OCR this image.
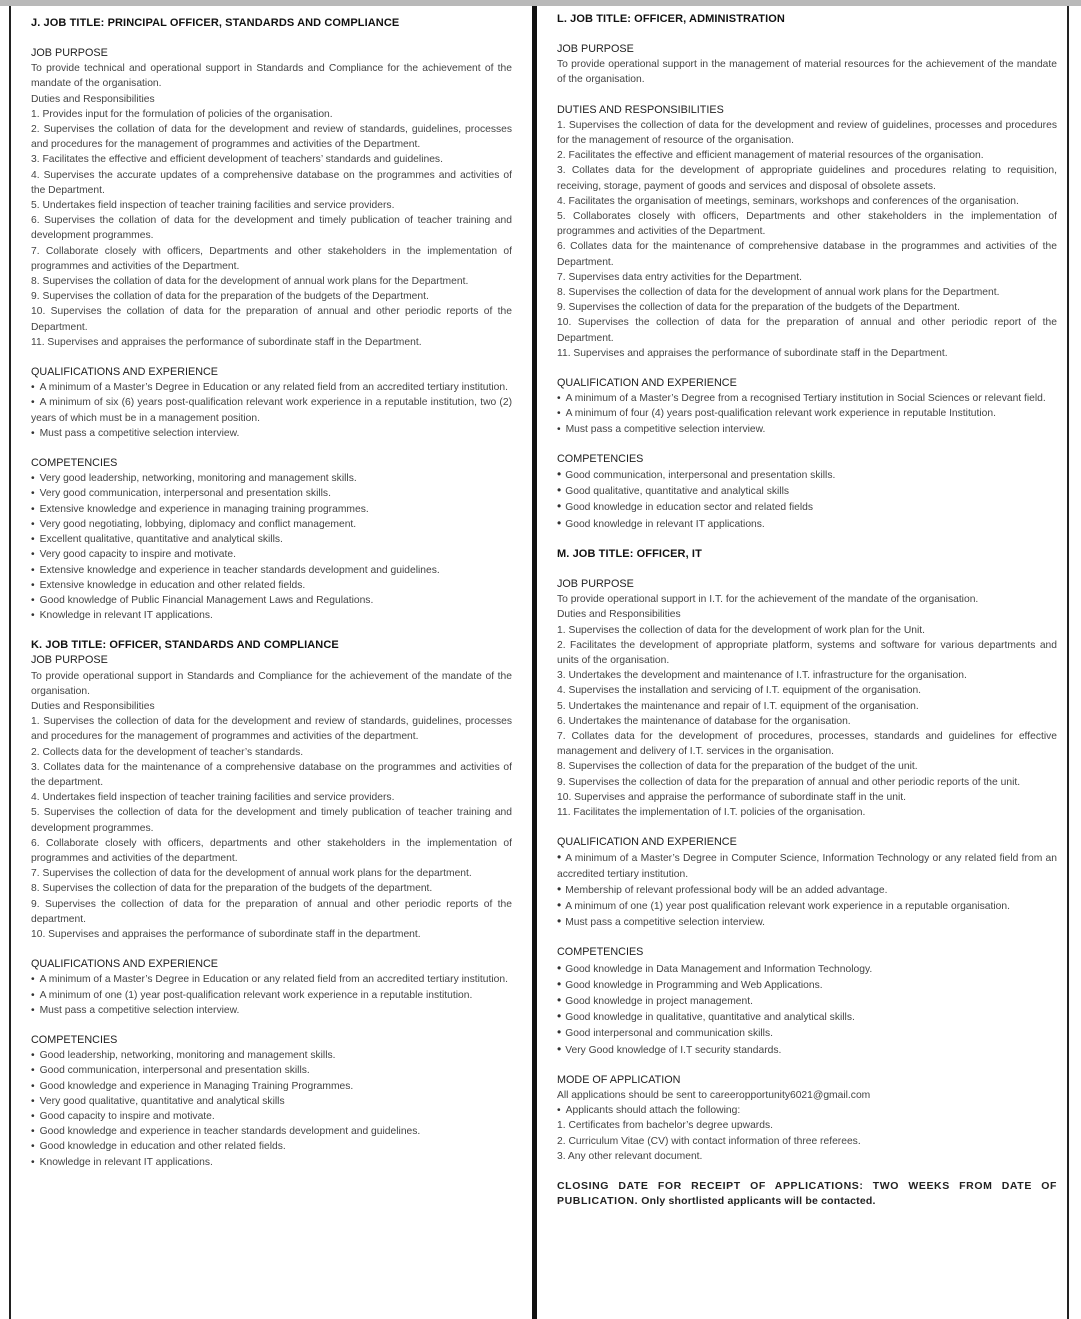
J. JOB TITLE: PRINCIPAL OFFICER, STANDARDS AND COMPLIANCE
JOB PURPOSE

To provide technical and operational support in Standards and Compliance for the achievement of the mandate of the organisation.

Duties and Responsibilities

1. Provides input for the formulation of policies of the organisation.
2. Supervises the collation of data for the development and review of standards, guidelines, processes and procedures for the management of programmes and activities of the Department.
3. Facilitates the effective and efficient development of teachers’ standards and guidelines.
4. Supervises the accurate updates of a comprehensive database on the programmes and activities of the Department.
5. Undertakes field inspection of teacher training facilities and service providers.
6. Supervises the collation of data for the development and timely publication of teacher training and development programmes.
7. Collaborate closely with officers, Departments and other stakeholders in the implementation of programmes and activities of the Department.
8. Supervises the collation of data for the development of annual work plans for the Department.
9. Supervises the collation of data for the preparation of the budgets of the Department.
10. Supervises the collation of data for the preparation of annual and other periodic reports of the Department.
11. Supervises and appraises the performance of subordinate staff in the Department.
QUALIFICATIONS AND EXPERIENCE
• A minimum of a Master’s Degree in Education or any related field from an accredited tertiary institution.
• A minimum of six (6) years post-qualification relevant work experience in a reputable institution, two (2) years of which must be in a management position.
• Must pass a competitive selection interview.
COMPETENCIES
• Very good leadership, networking, monitoring and management skills.
• Very good communication, interpersonal and presentation skills.
• Extensive knowledge and experience in managing training programmes.
• Very good negotiating, lobbying, diplomacy and conflict management.
• Excellent qualitative, quantitative and analytical skills.
• Very good capacity to inspire and motivate.
• Extensive knowledge and experience in teacher standards development and guidelines.
• Extensive knowledge in education and other related fields.
• Good knowledge of Public Financial Management Laws and Regulations.
• Knowledge in relevant IT applications.
K. JOB TITLE: OFFICER, STANDARDS AND COMPLIANCE
JOB PURPOSE

To provide operational support in Standards and Compliance for the achievement of the mandate of the organisation.

Duties and Responsibilities

1. Supervises the collection of data for the development and review of standards, guidelines, processes and procedures for the management of programmes and activities of the department.
2. Collects data for the development of teacher’s standards.
3. Collates data for the maintenance of a comprehensive database on the programmes and activities of the department.
4. Undertakes field inspection of teacher training facilities and service providers.
5. Supervises the collection of data for the development and timely publication of teacher training and development programmes.
6. Collaborate closely with officers, departments and other stakeholders in the implementation of programmes and activities of the department.
7. Supervises the collection of data for the development of annual work plans for the department.
8. Supervises the collection of data for the preparation of the budgets of the department.
9. Supervises the collection of data for the preparation of annual and other periodic reports of the department.
10. Supervises and appraises the performance of subordinate staff in the department.
QUALIFICATIONS AND EXPERIENCE
• A minimum of a Master’s Degree in Education or any related field from an accredited tertiary institution.
• A minimum of one (1) year post-qualification relevant work experience in a reputable institution.
• Must pass a competitive selection interview.
COMPETENCIES
• Good leadership, networking, monitoring and management skills.
• Good communication, interpersonal and presentation skills.
• Good knowledge and experience in Managing Training Programmes.
• Very good qualitative, quantitative and analytical skills
• Good capacity to inspire and motivate.
• Good knowledge and experience in teacher standards development and guidelines.
• Good knowledge in education and other related fields.
• Knowledge in relevant IT applications.
L. JOB TITLE: OFFICER, ADMINISTRATION
JOB PURPOSE

To provide operational support in the management of material resources for the achievement of the mandate of the organisation.

DUTIES AND RESPONSIBILITIES
1. Supervises the collection of data for the development and review of guidelines, processes and procedures for the management of resource of the organisation.
2. Facilitates the effective and efficient management of material resources of the organisation.
3. Collates data for the development of appropriate guidelines and procedures relating to requisition, receiving, storage, payment of goods and services and disposal of obsolete assets.
4. Facilitates the organisation of meetings, seminars, workshops and conferences of the organisation.
5. Collaborates closely with officers, Departments and other stakeholders in the implementation of programmes and activities of the Department.
6. Collates data for the maintenance of comprehensive database in the programmes and activities of the Department.
7. Supervises data entry activities for the Department.
8. Supervises the collection of data for the development of annual work plans for the Department.
9. Supervises the collection of data for the preparation of the budgets of the Department.
10. Supervises the collection of data for the preparation of annual and other periodic report of the Department.
11. Supervises and appraises the performance of subordinate staff in the Department.
QUALIFICATION AND EXPERIENCE
• A minimum of a Master’s Degree from a recognised Tertiary institution in Social Sciences or relevant field.
• A minimum of four (4) years post-qualification relevant work experience in reputable Institution.
• Must pass a competitive selection interview.
COMPETENCIES
• Good communication, interpersonal and presentation skills.
• Good qualitative, quantitative and analytical skills
• Good knowledge in education sector and related fields
• Good knowledge in relevant IT applications.
M. JOB TITLE: OFFICER, IT
JOB PURPOSE

To provide operational support in I.T. for the achievement of the mandate of the organisation.

Duties and Responsibilities

1. Supervises the collection of data for the development of work plan for the Unit.
2. Facilitates the development of appropriate platform, systems and software for various departments and units of the organisation.
3. Undertakes the development and maintenance of I.T. infrastructure for the organisation.
4. Supervises the installation and servicing of I.T. equipment of the organisation.
5. Undertakes the maintenance and repair of I.T. equipment of the organisation.
6. Undertakes the maintenance of database for the organisation.
7. Collates data for the development of procedures, processes, standards and guidelines for effective management and delivery of I.T. services in the organisation.
8. Supervises the collection of data for the preparation of the budget of the unit.
9. Supervises the collection of data for the preparation of annual and other periodic reports of the unit.
10. Supervises and appraise the performance of subordinate staff in the unit.
11. Facilitates the implementation of I.T. policies of the organisation.
QUALIFICATION AND EXPERIENCE
• A minimum of a Master’s Degree in Computer Science, Information Technology or any related field from an accredited tertiary institution.
• Membership of relevant professional body will be an added advantage.
• A minimum of one (1) year post qualification relevant work experience in a reputable organisation.
• Must pass a competitive selection interview.
COMPETENCIES
• Good knowledge in Data Management and Information Technology.
• Good knowledge in Programming and Web Applications.
• Good knowledge in project management.
• Good knowledge in qualitative, quantitative and analytical skills.
• Good interpersonal and communication skills.
• Very Good knowledge of I.T security standards.
MODE OF APPLICATION

All applications should be sent to careeropportunity6021@gmail.com

• Applicants should attach the following:
1. Certificates from bachelor’s degree upwards.
2. Curriculum Vitae (CV) with contact information of three referees.
3. Any other relevant document.

CLOSING DATE FOR RECEIPT OF APPLICATIONS: TWO WEEKS FROM DATE OF PUBLICATION. Only shortlisted applicants will be contacted.
